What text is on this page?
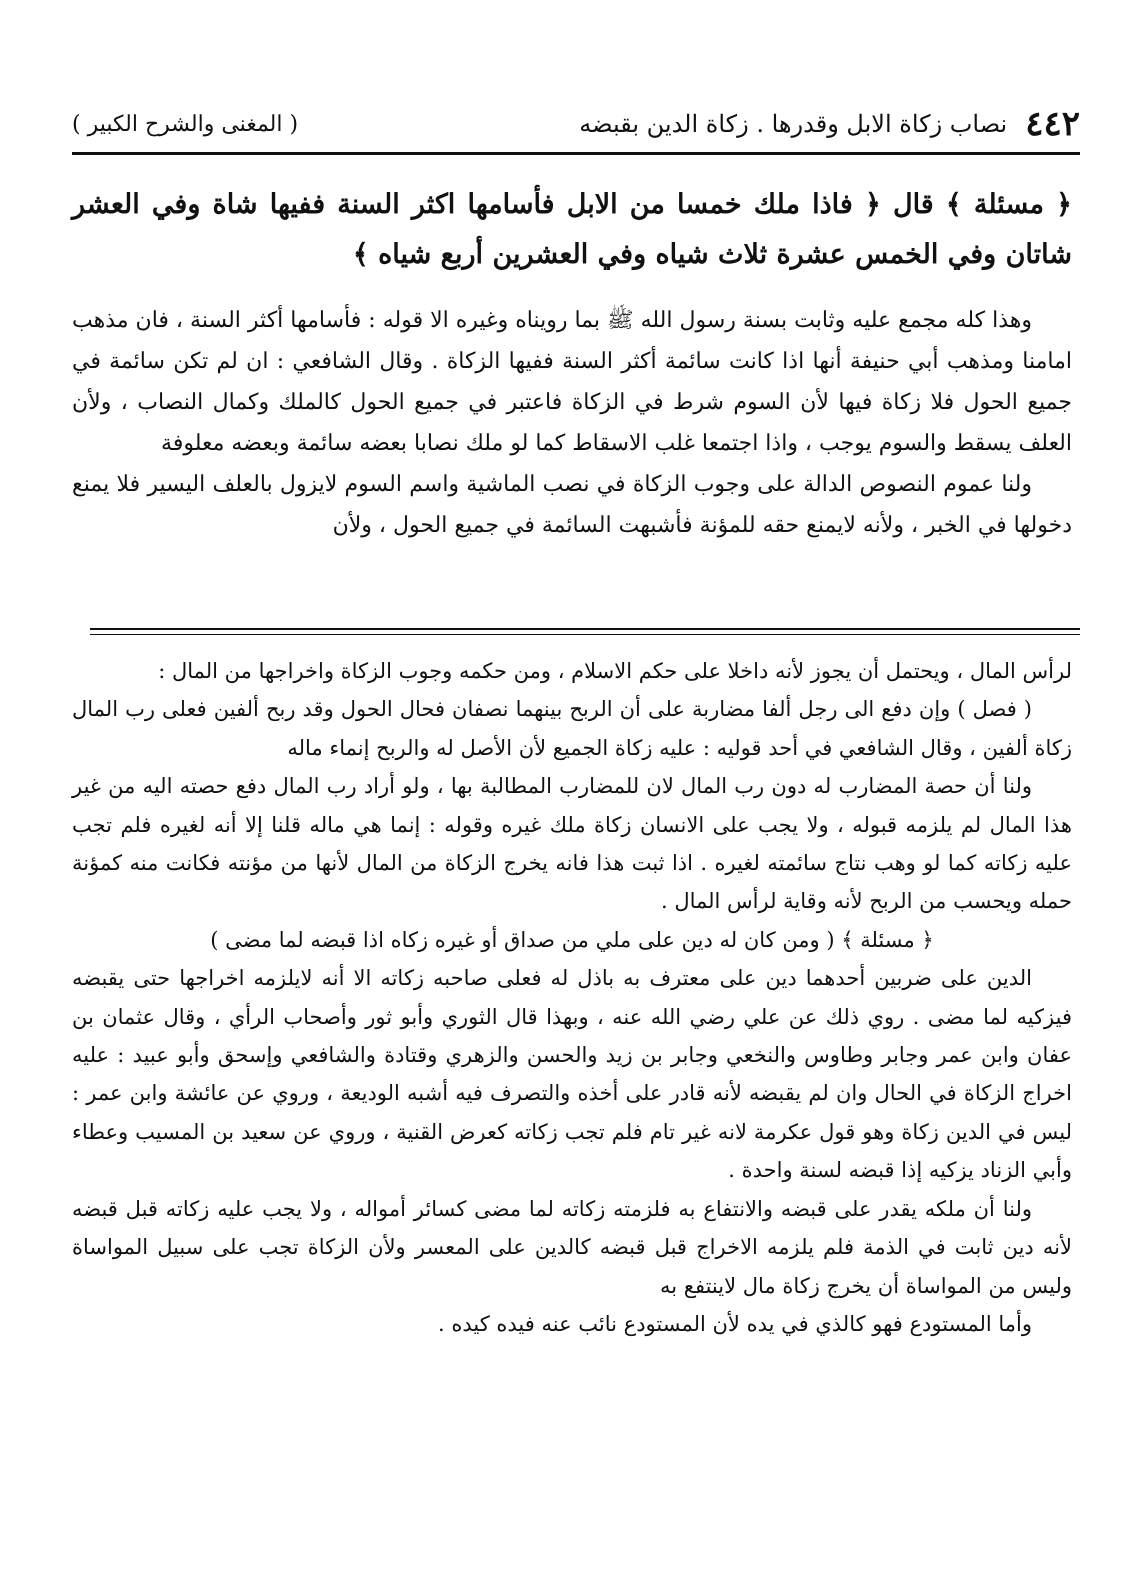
٤٤٢
نصاب زكاة الابل وقدرها . زكاة الدين بقبضه
( المغنى والشرح الكبير )

﴿ مسئلة ﴾ قال ﴿ فاذا ملك خمسا من الابل فأسامها اكثر السنة ففيها شاة وفي العشر شاتان وفي الخمس عشرة ثلاث شياه وفي العشرين أربع شياه ﴾

وهذا كله مجمع عليه وثابت بسنة رسول الله ﷺ بما رويناه وغيره الا قوله : فأسامها أكثر السنة ، فان مذهب امامنا ومذهب أبي حنيفة أنها اذا كانت سائمة أكثر السنة ففيها الزكاة . وقال الشافعي : ان لم تكن سائمة في جميع الحول فلا زكاة فيها لأن السوم شرط في الزكاة فاعتبر في جميع الحول كالملك وكمال النصاب ، ولأن العلف يسقط والسوم يوجب ، واذا اجتمعا غلب الاسقاط كما لو ملك نصابا بعضه سائمة وبعضه معلوفة

ولنا عموم النصوص الدالة على وجوب الزكاة في نصب الماشية واسم السوم لايزول بالعلف اليسير فلا يمنع دخولها في الخبر ، ولأنه لايمنع حقه للمؤنة فأشبهت السائمة في جميع الحول ، ولأن

لرأس المال ، ويحتمل أن يجوز لأنه داخلا على حكم الاسلام ، ومن حكمه وجوب الزكاة واخراجها من المال :

( فصل ) وإن دفع الى رجل ألفا مضاربة على أن الربح بينهما نصفان فحال الحول وقد ربح ألفين فعلى رب المال زكاة ألفين ، وقال الشافعي في أحد قوليه : عليه زكاة الجميع لأن الأصل له والربح إنماء ماله

ولنا أن حصة المضارب له دون رب المال لان للمضارب المطالبة بها ، ولو أراد رب المال دفع حصته اليه من غير هذا المال لم يلزمه قبوله ، ولا يجب على الانسان زكاة ملك غيره وقوله : إنما هي ماله قلنا إلا أنه لغيره فلم تجب عليه زكاته كما لو وهب نتاج سائمته لغيره . اذا ثبت هذا فانه يخرج الزكاة من المال لأنها من مؤنته فكانت منه كمؤنة حمله ويحسب من الربح لأنه وقاية لرأس المال .

﴿ مسئلة ﴾ ( ومن كان له دين على ملي من صداق أو غيره زكاه اذا قبضه لما مضى )

الدين على ضربين أحدهما دين على معترف به باذل له فعلى صاحبه زكاته الا أنه لايلزمه اخراجها حتى يقبضه فيزكيه لما مضى . روي ذلك عن علي رضي الله عنه ، وبهذا قال الثوري وأبو ثور وأصحاب الرأي ، وقال عثمان بن عفان وابن عمر وجابر وطاوس والنخعي وجابر بن زيد والحسن والزهري وقتادة والشافعي وإسحق وأبو عبيد : عليه اخراج الزكاة في الحال وان لم يقبضه لأنه قادر على أخذه والتصرف فيه أشبه الوديعة ، وروي عن عائشة وابن عمر : ليس في الدين زكاة وهو قول عكرمة لانه غير تام فلم تجب زكاته كعرض القنية ، وروي عن سعيد بن المسيب وعطاء وأبي الزناد يزكيه إذا قبضه لسنة واحدة .

ولنا أن ملكه يقدر على قبضه والانتفاع به فلزمته زكاته لما مضى كسائر أمواله ، ولا يجب عليه زكاته قبل قبضه لأنه دين ثابت في الذمة فلم يلزمه الاخراج قبل قبضه كالدين على المعسر ولأن الزكاة تجب على سبيل المواساة وليس من المواساة أن يخرج زكاة مال لاينتفع به

وأما المستودع فهو كالذي في يده لأن المستودع نائب عنه فيده كيده .
